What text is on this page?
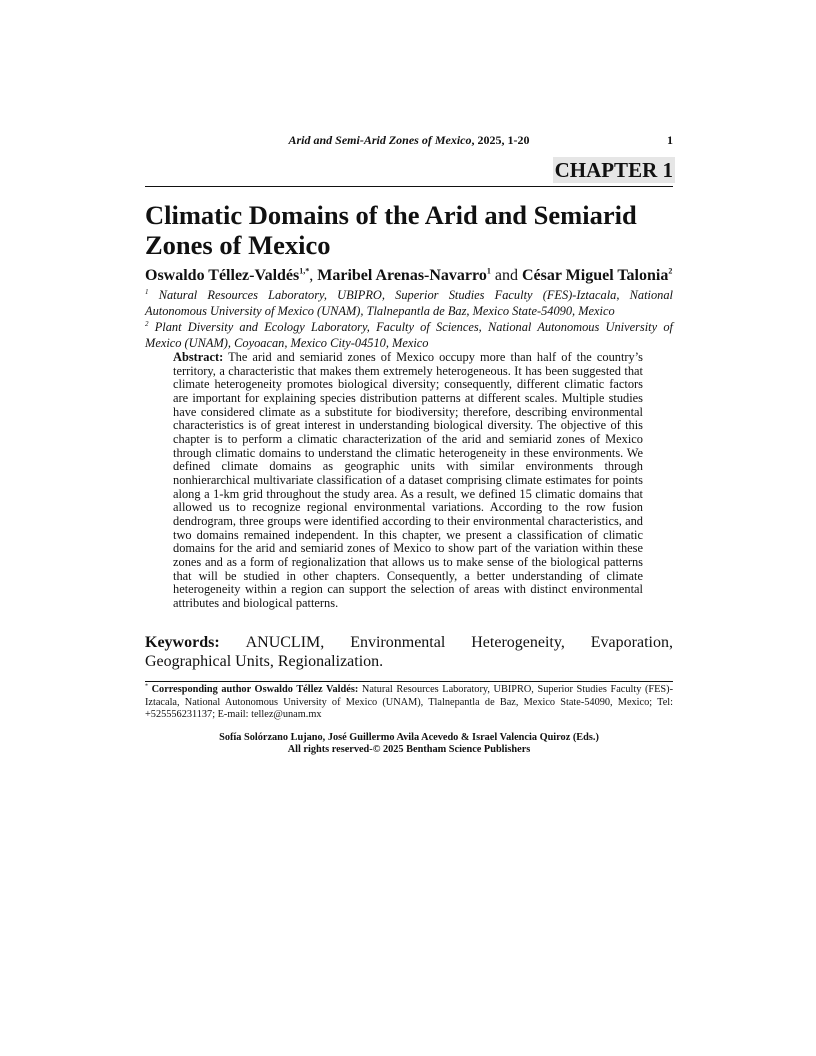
Arid and Semi-Arid Zones of Mexico, 2025, 1-20	1
CHAPTER 1
Climatic Domains of the Arid and Semiarid Zones of Mexico
Oswaldo Téllez-Valdés$^{1,*}$, Maribel Arenas-Navarro$^1$ and César Miguel Talonia$^2$
$^1$ Natural Resources Laboratory, UBIPRO, Superior Studies Faculty (FES)-Iztacala, National Autonomous University of Mexico (UNAM), Tlalnepantla de Baz, Mexico State-54090, Mexico
$^2$ Plant Diversity and Ecology Laboratory, Faculty of Sciences, National Autonomous University of Mexico (UNAM), Coyoacan, Mexico City-04510, Mexico
Abstract: The arid and semiarid zones of Mexico occupy more than half of the country’s territory, a characteristic that makes them extremely heterogeneous. It has been suggested that climate heterogeneity promotes biological diversity; consequently, different climatic factors are important for explaining species distribution patterns at different scales. Multiple studies have considered climate as a substitute for biodiversity; therefore, describing environmental characteristics is of great interest in understanding biological diversity. The objective of this chapter is to perform a climatic characterization of the arid and semiarid zones of Mexico through climatic domains to understand the climatic heterogeneity in these environments. We defined climate domains as geographic units with similar environments through nonhierarchical multivariate classification of a dataset comprising climate estimates for points along a 1-km grid throughout the study area. As a result, we defined 15 climatic domains that allowed us to recognize regional environmental variations. According to the row fusion dendrogram, three groups were identified according to their environmental characteristics, and two domains remained independent. In this chapter, we present a classification of climatic domains for the arid and semiarid zones of Mexico to show part of the variation within these zones and as a form of regionalization that allows us to make sense of the biological patterns that will be studied in other chapters. Consequently, a better understanding of climate heterogeneity within a region can support the selection of areas with distinct environmental attributes and biological patterns.
Keywords: ANUCLIM, Environmental Heterogeneity, Evaporation,
Geographical Units, Regionalization.
* Corresponding author Oswaldo Téllez Valdés: Natural Resources Laboratory, UBIPRO, Superior Studies Faculty (FES)-Iztacala, National Autonomous University of Mexico (UNAM), Tlalnepantla de Baz, Mexico State-54090, Mexico; Tel: +525556231137; E-mail: tellez@unam.mx
Sofía Solórzano Lujano, José Guillermo Avila Acevedo & Israel Valencia Quiroz (Eds.)
All rights reserved-© 2025 Bentham Science Publishers
